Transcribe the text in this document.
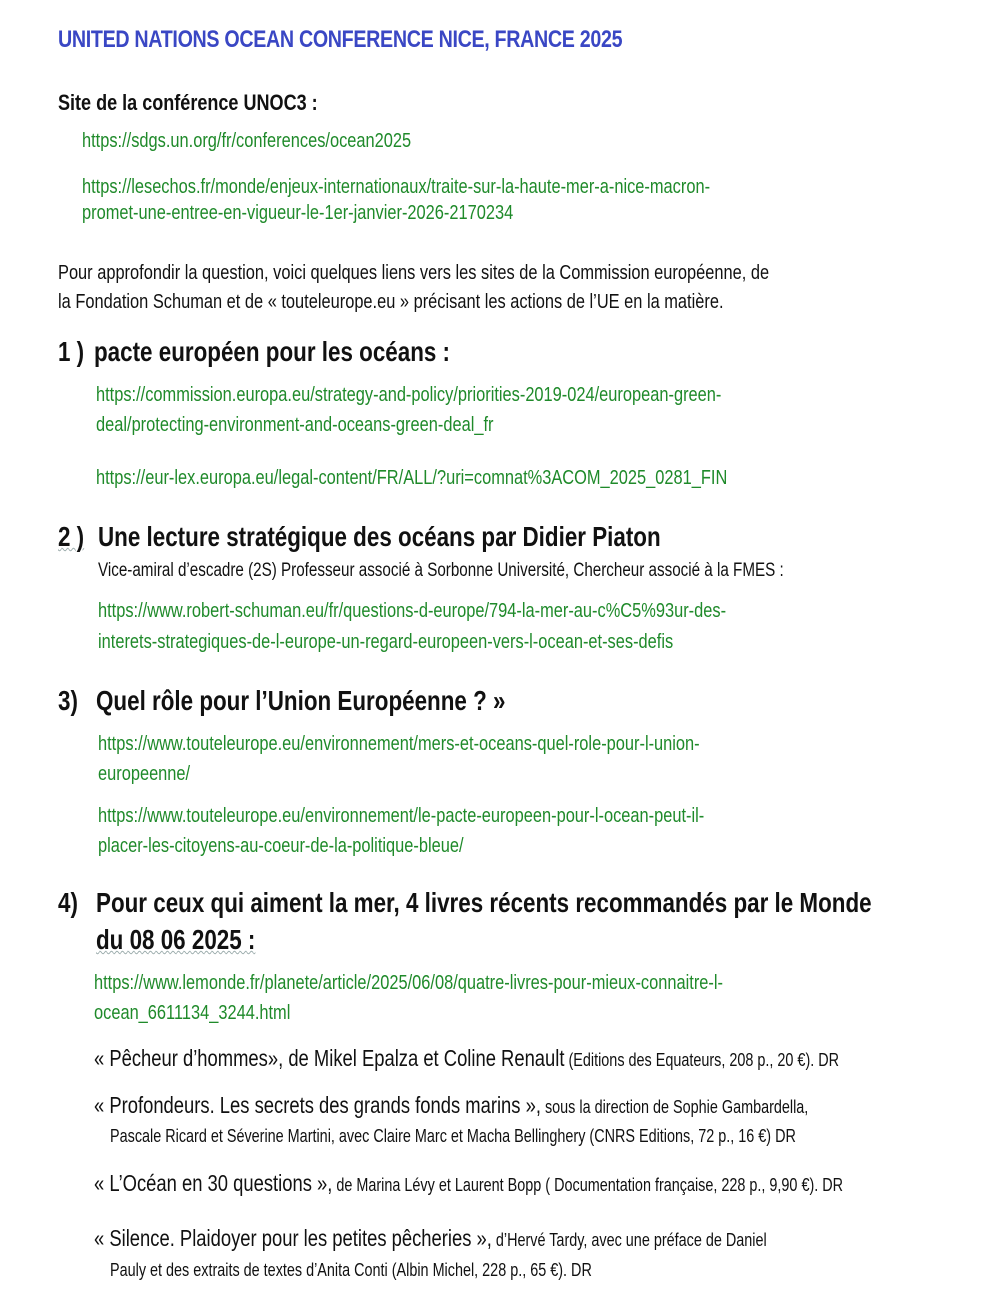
UNITED NATIONS OCEAN CONFERENCE NICE, FRANCE 2025
Site de la conférence UNOC3 :
https://sdgs.un.org/fr/conferences/ocean2025
https://lesechos.fr/monde/enjeux-internationaux/traite-sur-la-haute-mer-a-nice-macron-
promet-une-entree-en-vigueur-le-1er-janvier-2026-2170234
Pour approfondir la question, voici quelques liens vers les sites de la Commission européenne, de
la Fondation Schuman et de « touteleurope.eu » précisant les actions de l’UE en la matière.
1 ) pacte européen pour les océans :
https://commission.europa.eu/strategy-and-policy/priorities-2019-024/european-green-
deal/protecting-environment-and-oceans-green-deal_fr
https://eur-lex.europa.eu/legal-content/FR/ALL/?uri=comnat%3ACOM_2025_0281_FIN
2 ) Une lecture stratégique des océans par Didier Piaton
Vice-amiral d’escadre (2S) Professeur associé à Sorbonne Université, Chercheur associé à la FMES :
https://www.robert-schuman.eu/fr/questions-d-europe/794-la-mer-au-c%C5%93ur-des-
interets-strategiques-de-l-europe-un-regard-europeen-vers-l-ocean-et-ses-defis
3) Quel rôle pour l’Union Européenne ? »
https://www.touteleurope.eu/environnement/mers-et-oceans-quel-role-pour-l-union-
europeenne/
https://www.touteleurope.eu/environnement/le-pacte-europeen-pour-l-ocean-peut-il-
placer-les-citoyens-au-coeur-de-la-politique-bleue/
4) Pour ceux qui aiment la mer, 4 livres récents recommandés par le Monde
du 08 06 2025 :
https://www.lemonde.fr/planete/article/2025/06/08/quatre-livres-pour-mieux-connaitre-l-
ocean_6611134_3244.html
« Pêcheur d’hommes», de Mikel Epalza et Coline Renault (Editions des Equateurs, 208 p., 20 €). DR
« Profondeurs. Les secrets des grands fonds marins », sous la direction de Sophie Gambardella,
Pascale Ricard et Séverine Martini, avec Claire Marc et Macha Bellinghery (CNRS Editions, 72 p., 16 €) DR
« L’Océan en 30 questions », de Marina Lévy et Laurent Bopp ( Documentation française, 228 p., 9,90 €). DR
« Silence. Plaidoyer pour les petites pêcheries », d’Hervé Tardy, avec une préface de Daniel
Pauly et des extraits de textes d’Anita Conti (Albin Michel, 228 p., 65 €). DR
